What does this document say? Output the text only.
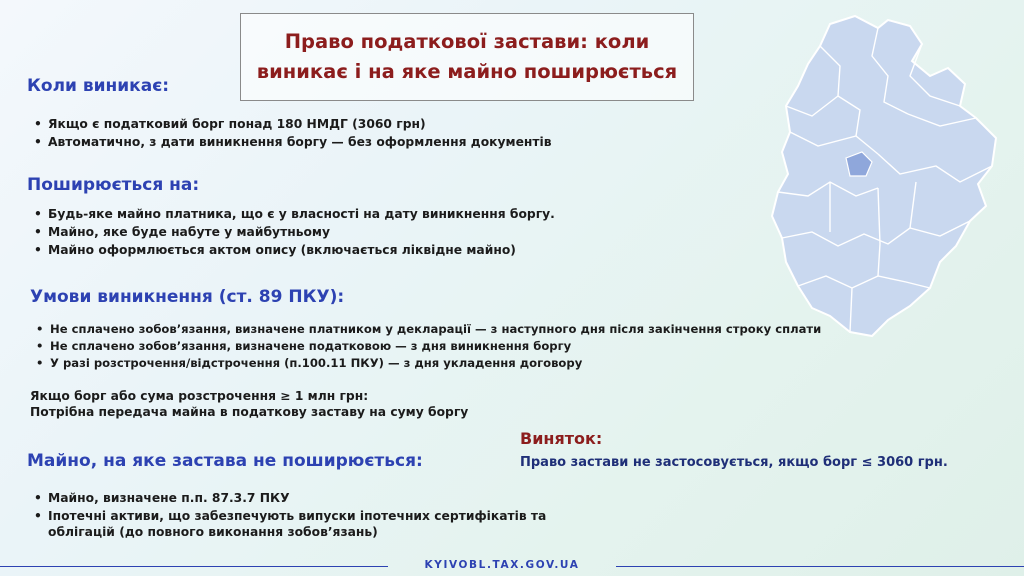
Право податкової застави: коли
виникає і на яке майно поширюється
Коли виникає:
• Якщо є податковий борг понад 180 НМДГ (3060 грн)
• Автоматично, з дати виникнення боргу — без оформлення документів
Поширюється на:
• Будь-яке майно платника, що є у власності на дату виникнення боргу.
• Майно, яке буде набуте у майбутньому
• Майно оформлюється актом опису (включається ліквідне майно)
Умови виникнення (ст. 89 ПКУ):
• Не сплачено зобов’язання, визначене платником у декларації — з наступного дня після закінчення строку сплати
• Не сплачено зобов’язання, визначене податковою — з дня виникнення боргу
• У разі розстрочення/відстрочення (п.100.11 ПКУ) — з дня укладення договору
Якщо борг або сума розстрочення ≥ 1 млн грн:
Потрібна передача майна в податкову заставу на суму боргу
Майно, на яке застава не поширюється:
• Майно, визначене п.п. 87.3.7 ПКУ
• Іпотечні активи, що забезпечують випуски іпотечних сертифікатів та
облігацій (до повного виконання зобов’язань)
Виняток:
Право застави не застосовується, якщо борг ≤ 3060 грн.
KYIVOBL.TAX.GOV.UA
